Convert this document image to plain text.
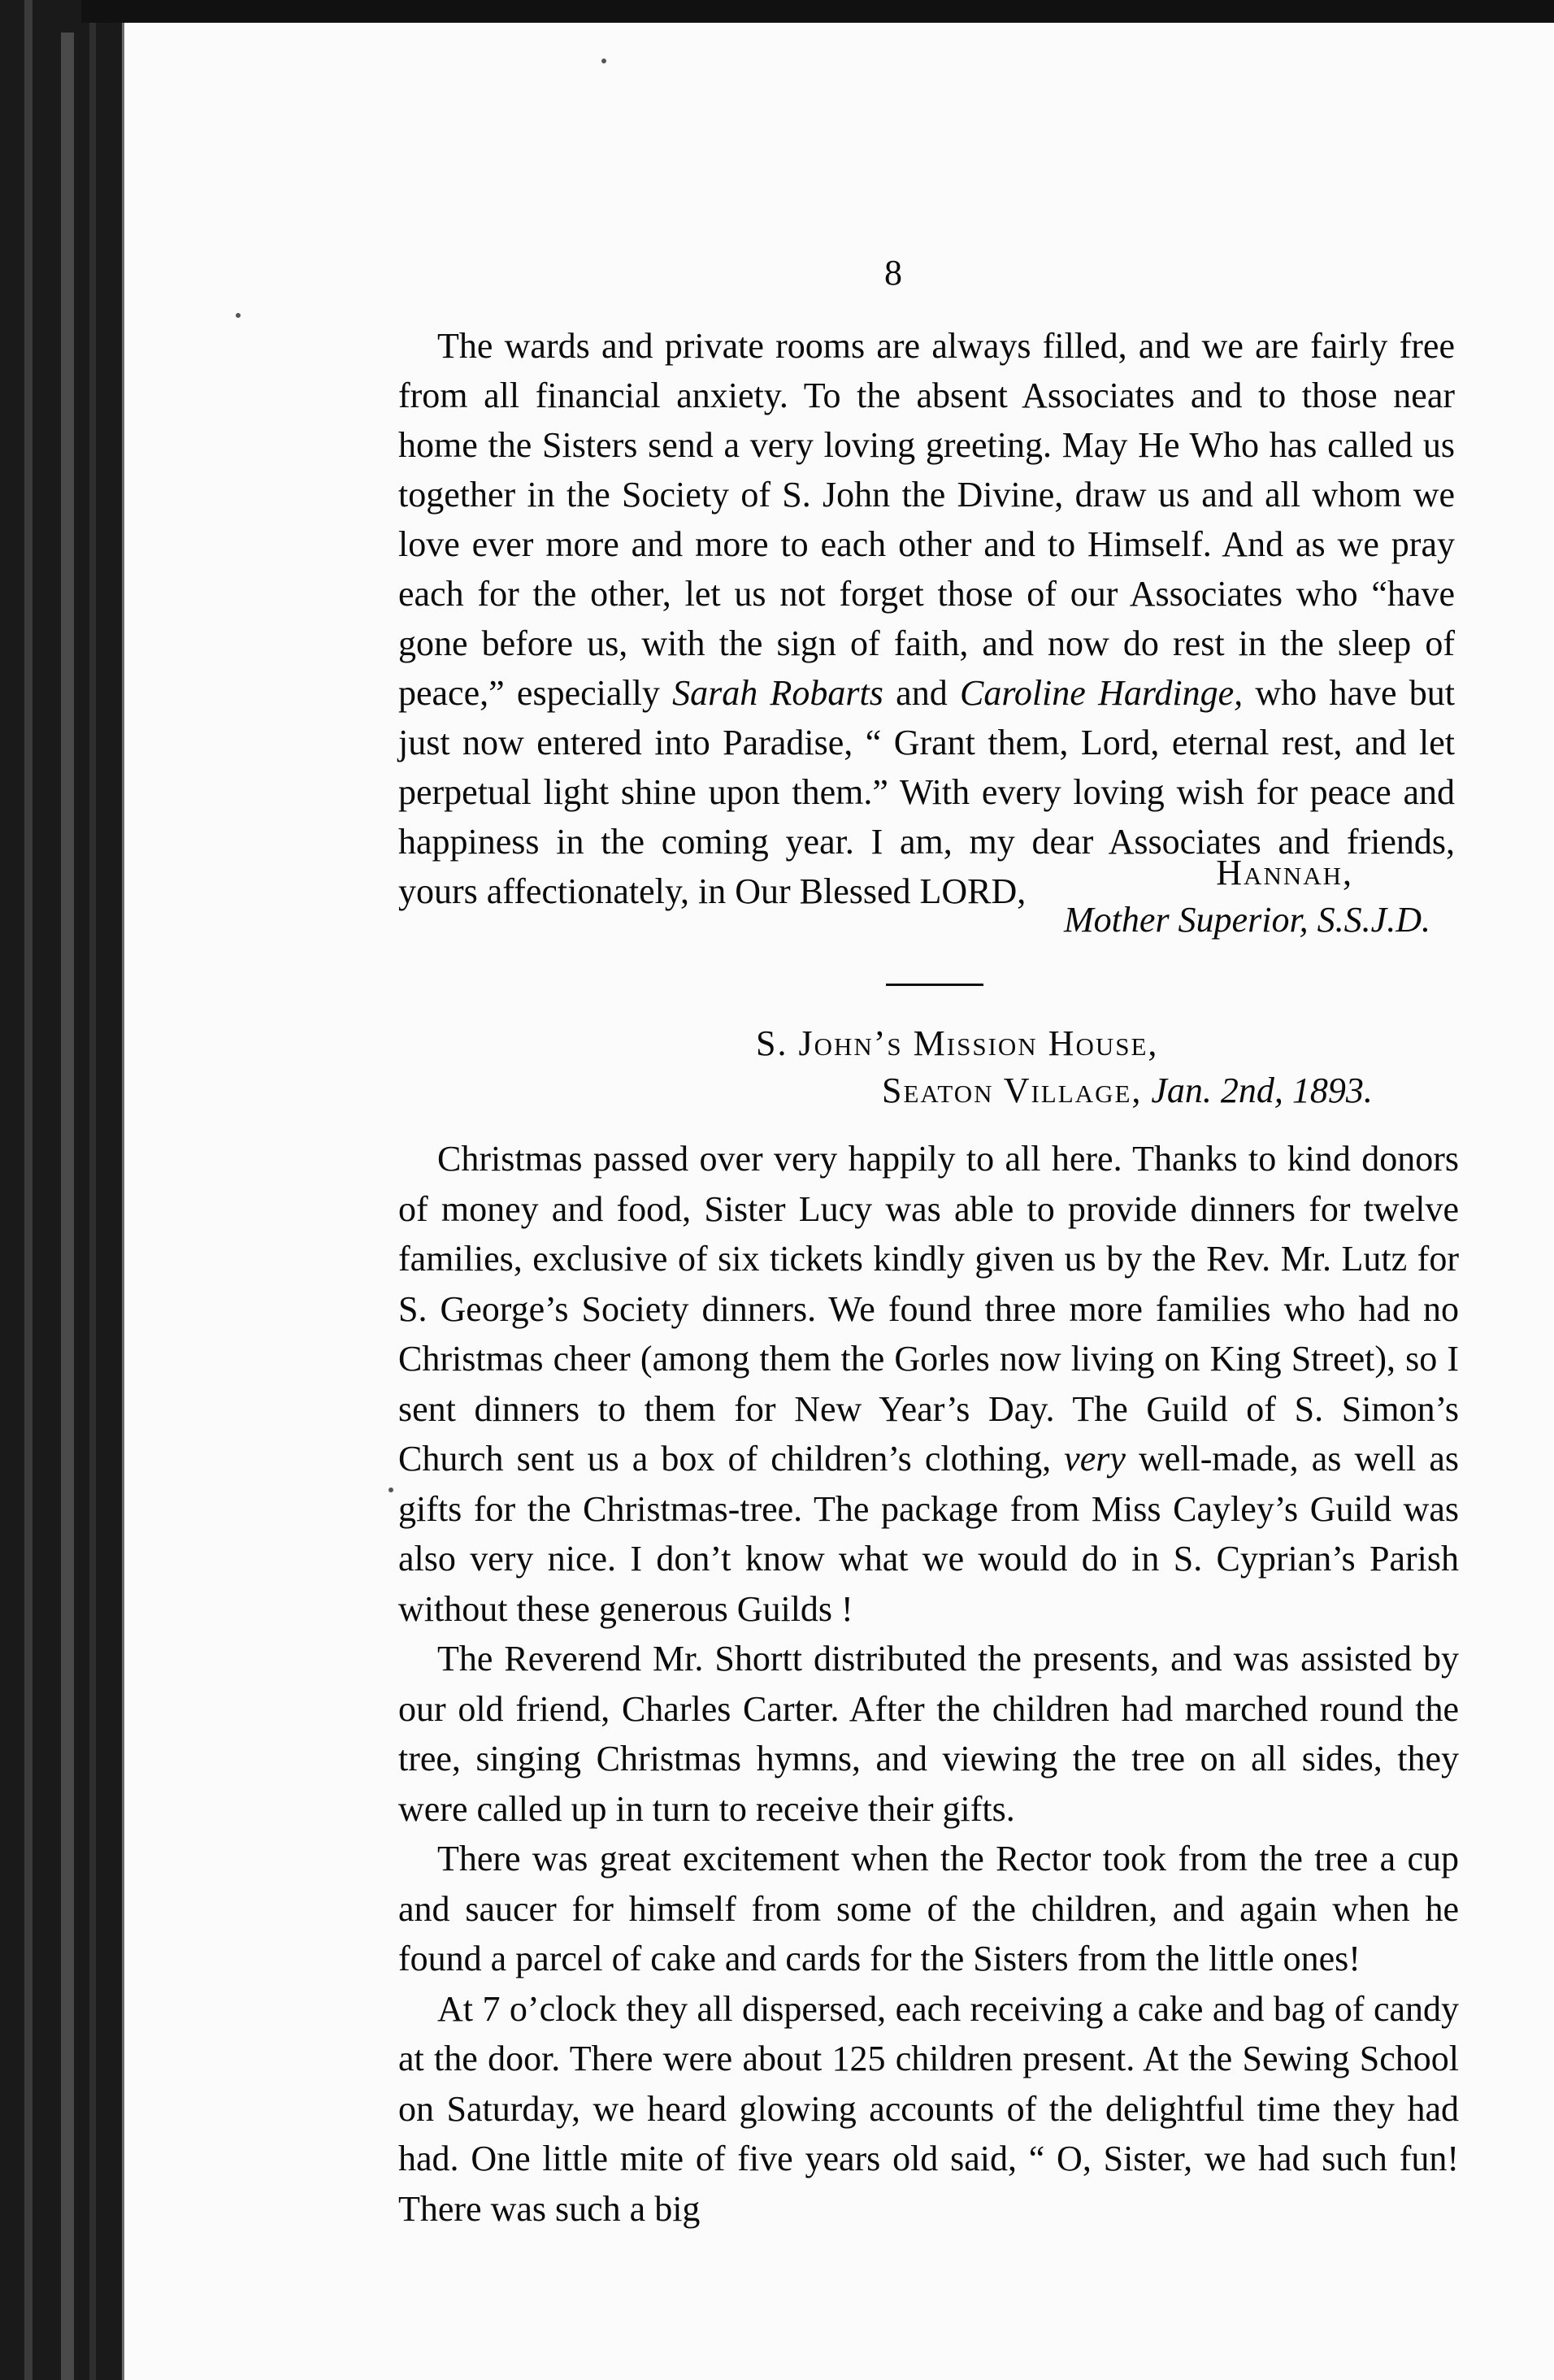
8

The wards and private rooms are always filled, and we are fairly free from all financial anxiety. To the absent Associates and to those near home the Sisters send a very loving greeting. May He Who has called us together in the Society of S. John the Divine, draw us and all whom we love ever more and more to each other and to Himself. And as we pray each for the other, let us not forget those of our Associates who “have gone before us, with the sign of faith, and now do rest in the sleep of peace,” especially Sarah Robarts and Caroline Hardinge, who have but just now entered into Paradise, “ Grant them, Lord, eternal rest, and let perpetual light shine upon them.” With every loving wish for peace and happiness in the coming year. I am, my dear Associates and friends, yours affectionately, in Our Blessed LORD,	Hannah,
Mother Superior, S.S.J.D.
S. John’s Mission House,
Seaton Village, Jan. 2nd, 1893.

Christmas passed over very happily to all here. Thanks to kind donors of money and food, Sister Lucy was able to provide dinners for twelve families, exclusive of six tickets kindly given us by the Rev. Mr. Lutz for S. George’s Society dinners. We found three more families who had no Christmas cheer (among them the Gorles now living on King Street), so I sent dinners to them for New Year’s Day. The Guild of S. Simon’s Church sent us a box of children’s clothing, very well-made, as well as gifts for the Christmas-tree. The package from Miss Cayley’s Guild was also very nice. I don’t know what we would do in S. Cyprian’s Parish without these generous Guilds !

The Reverend Mr. Shortt distributed the presents, and was assisted by our old friend, Charles Carter. After the children had marched round the tree, singing Christmas hymns, and viewing the tree on all sides, they were called up in turn to receive their gifts.

There was great excitement when the Rector took from the tree a cup and saucer for himself from some of the children, and again when he found a parcel of cake and cards for the Sisters from the little ones!

At 7 o’clock they all dispersed, each receiving a cake and bag of candy at the door. There were about 125 children present. At the Sewing School on Saturday, we heard glowing accounts of the delightful time they had had. One little mite of five years old said, “ O, Sister, we had such fun! There was such a big
